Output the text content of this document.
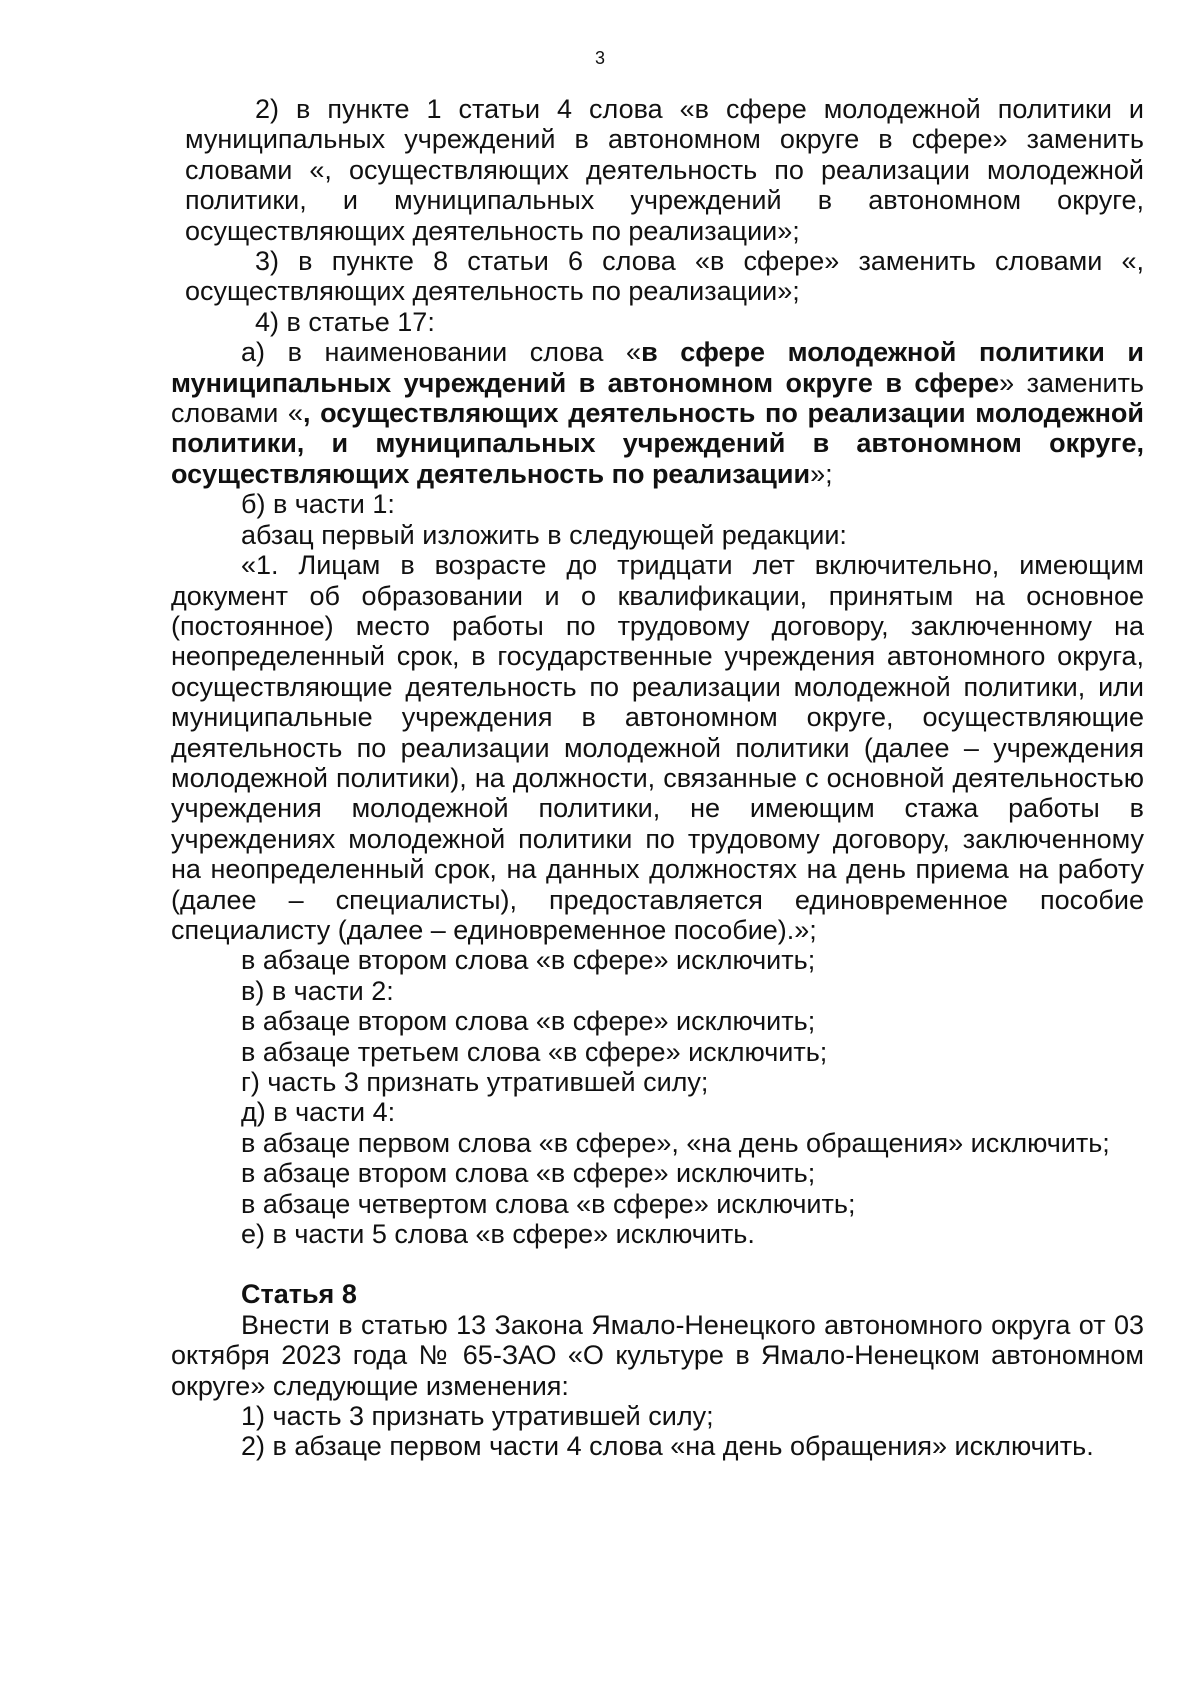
3

2) в пункте 1 статьи 4 слова «в сфере молодежной политики и муниципальных учреждений в автономном округе в сфере» заменить словами «, осуществляющих деятельность по реализации молодежной политики, и муниципальных учреждений в автономном округе, осуществляющих деятельность по реализации»;

3) в пункте 8 статьи 6 слова «в сфере» заменить словами «, осуществляющих деятельность по реализации»;

4) в статье 17:

а) в наименовании слова «в сфере молодежной политики и муниципальных учреждений в автономном округе в сфере» заменить словами «, осуществляющих деятельность по реализации молодежной политики, и муниципальных учреждений в автономном округе, осуществляющих деятельность по реализации»;

б) в части 1:

абзац первый изложить в следующей редакции:

«1. Лицам в возрасте до тридцати лет включительно, имеющим документ об образовании и о квалификации, принятым на основное (постоянное) место работы по трудовому договору, заключенному на неопределенный срок, в государственные учреждения автономного округа, осуществляющие деятельность по реализации молодежной политики, или муниципальные учреждения в автономном округе, осуществляющие деятельность по реализации молодежной политики (далее – учреждения молодежной политики), на должности, связанные с основной деятельностью учреждения молодежной политики, не имеющим стажа работы в учреждениях молодежной политики по трудовому договору, заключенному на неопределенный срок, на данных должностях на день приема на работу (далее – специалисты), предоставляется единовременное пособие специалисту (далее – единовременное пособие).»;

в абзаце втором слова «в сфере» исключить;

в) в части 2:

в абзаце втором слова «в сфере» исключить;

в абзаце третьем слова «в сфере» исключить;

г) часть 3 признать утратившей силу;

д) в части 4:

в абзаце первом слова «в сфере», «на день обращения» исключить;

в абзаце втором слова «в сфере» исключить;

в абзаце четвертом слова «в сфере» исключить;

е) в части 5 слова «в сфере» исключить.

Статья 8

Внести в статью 13 Закона Ямало-Ненецкого автономного округа от 03 октября 2023 года № 65-ЗАО «О культуре в Ямало-Ненецком автономном округе» следующие изменения:

1) часть 3 признать утратившей силу;

2) в абзаце первом части 4 слова «на день обращения» исключить.
